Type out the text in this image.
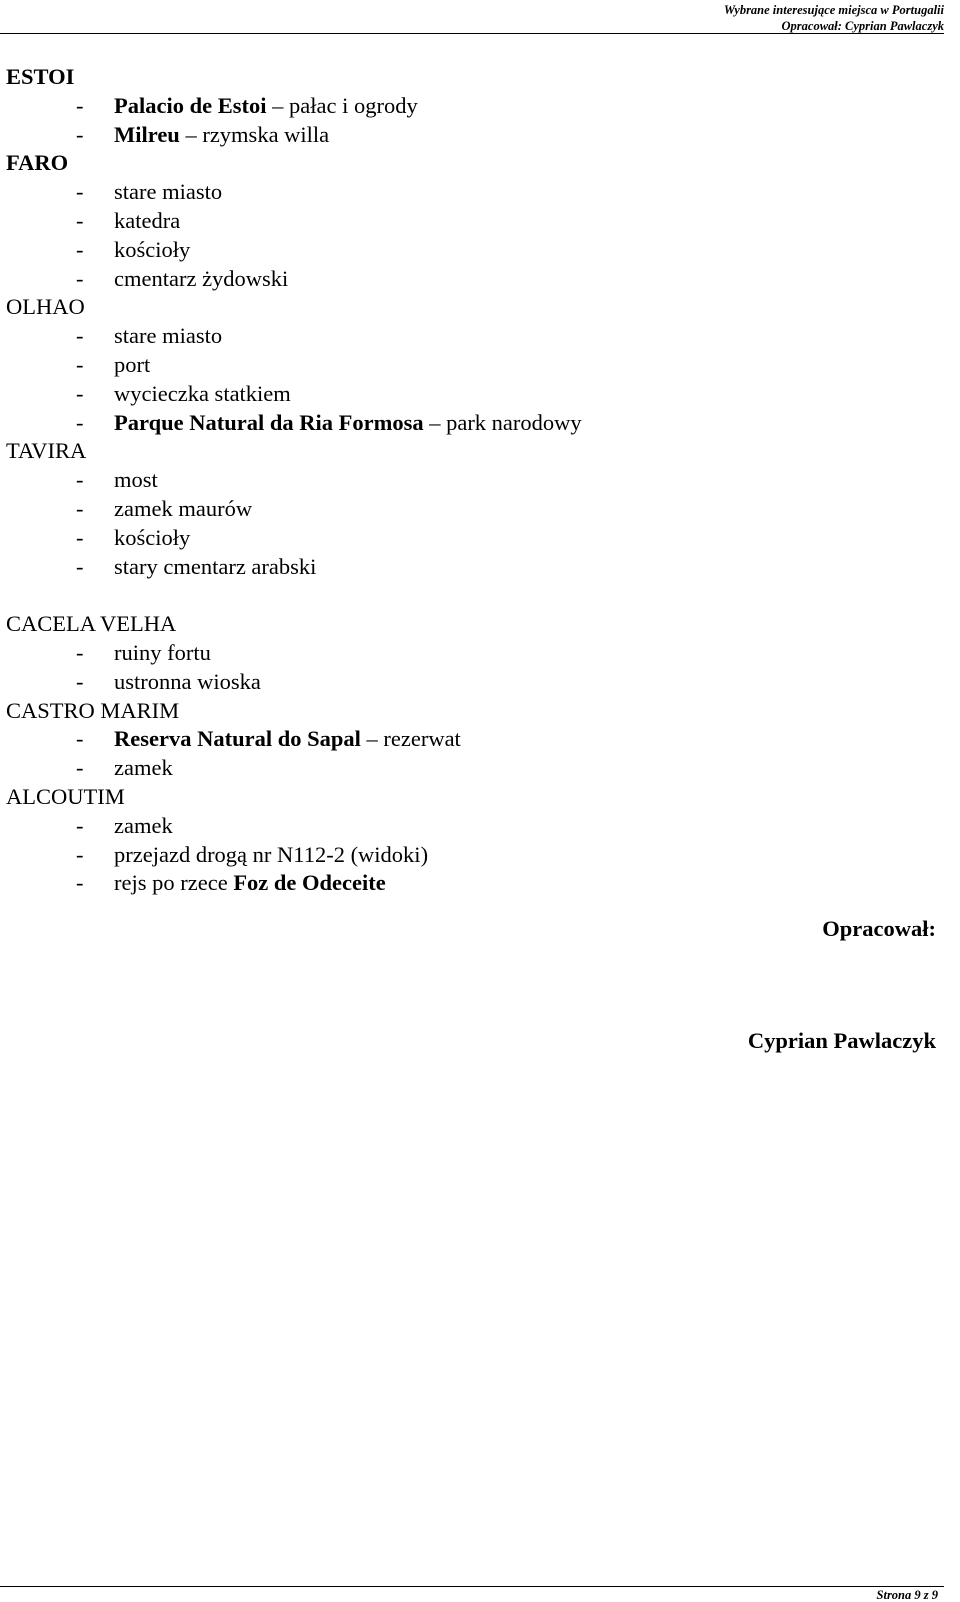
Wybrane interesujące miejsca w Portugalii
Opracował: Cyprian Pawlaczyk
ESTOI
- Palacio de Estoi – pałac i ogrody
- Milreu – rzymska willa
FARO
- stare miasto
- katedra
- kościoły
- cmentarz żydowski
OLHAO
- stare miasto
- port
- wycieczka statkiem
- Parque Natural da Ria Formosa – park narodowy
TAVIRA
- most
- zamek maurów
- kościoły
- stary cmentarz arabski
CACELA VELHA
- ruiny fortu
- ustronna wioska
CASTRO MARIM
- Reserva Natural do Sapal – rezerwat
- zamek
ALCOUTIM
- zamek
- przejazd drogą nr N112-2 (widoki)
- rejs po rzece Foz de Odeceite
Opracował:
Cyprian Pawlaczyk
Strona 9 z 9
